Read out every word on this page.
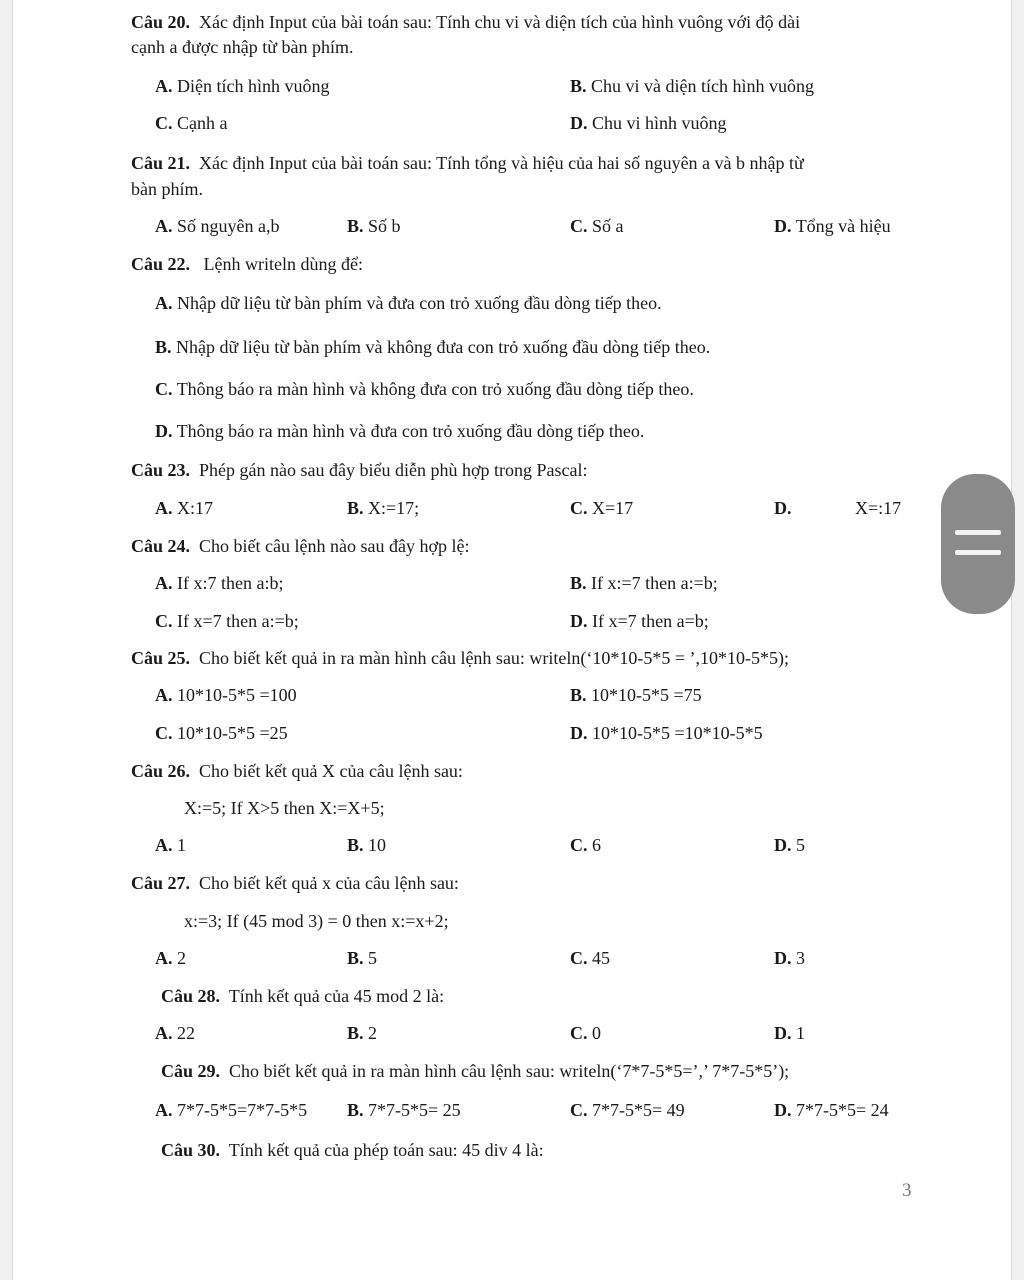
Câu 20. Xác định Input của bài toán sau: Tính chu vi và diện tích của hình vuông với độ dài
cạnh a được nhập từ bàn phím.
A. Diện tích hình vuông	B. Chu vi và diện tích hình vuông
C. Cạnh a	D. Chu vi hình vuông
Câu 21. Xác định Input của bài toán sau: Tính tổng và hiệu của hai số nguyên a và b nhập từ
bàn phím.
A. Số nguyên a,b	B. Số b	C. Số a	D. Tổng và hiệu
Câu 22. Lệnh writeln dùng để:
A. Nhập dữ liệu từ bàn phím và đưa con trỏ xuống đầu dòng tiếp theo.
B. Nhập dữ liệu từ bàn phím và không đưa con trỏ xuống đầu dòng tiếp theo.
C. Thông báo ra màn hình và không đưa con trỏ xuống đầu dòng tiếp theo.
D. Thông báo ra màn hình và đưa con trỏ xuống đầu dòng tiếp theo.
Câu 23. Phép gán nào sau đây biểu diễn phù hợp trong Pascal:
A. X:17	B. X:=17;	C. X=17	D.	X=:17
Câu 24. Cho biết câu lệnh nào sau đây hợp lệ:
A. If x:7 then a:b;	B. If x:=7 then a:=b;
C. If x=7 then a:=b;	D. If x=7 then a=b;
Câu 25. Cho biết kết quả in ra màn hình câu lệnh sau: writeln(‘10*10-5*5 = ’,10*10-5*5);
A. 10*10-5*5 =100	B. 10*10-5*5 =75
C. 10*10-5*5 =25	D. 10*10-5*5 =10*10-5*5
Câu 26. Cho biết kết quả X của câu lệnh sau:
X:=5; If X>5 then X:=X+5;
A. 1	B. 10	C. 6	D. 5
Câu 27. Cho biết kết quả x của câu lệnh sau:
x:=3; If (45 mod 3) = 0 then x:=x+2;
A. 2	B. 5	C. 45	D. 3
Câu 28. Tính kết quả của 45 mod 2 là:
A. 22	B. 2	C. 0	D. 1
Câu 29. Cho biết kết quả in ra màn hình câu lệnh sau: writeln(‘7*7-5*5=’,’ 7*7-5*5’);
A. 7*7-5*5=7*7-5*5 B. 7*7-5*5= 25	C. 7*7-5*5= 49	D. 7*7-5*5= 24
Câu 30. Tính kết quả của phép toán sau: 45 div 4 là:
3
